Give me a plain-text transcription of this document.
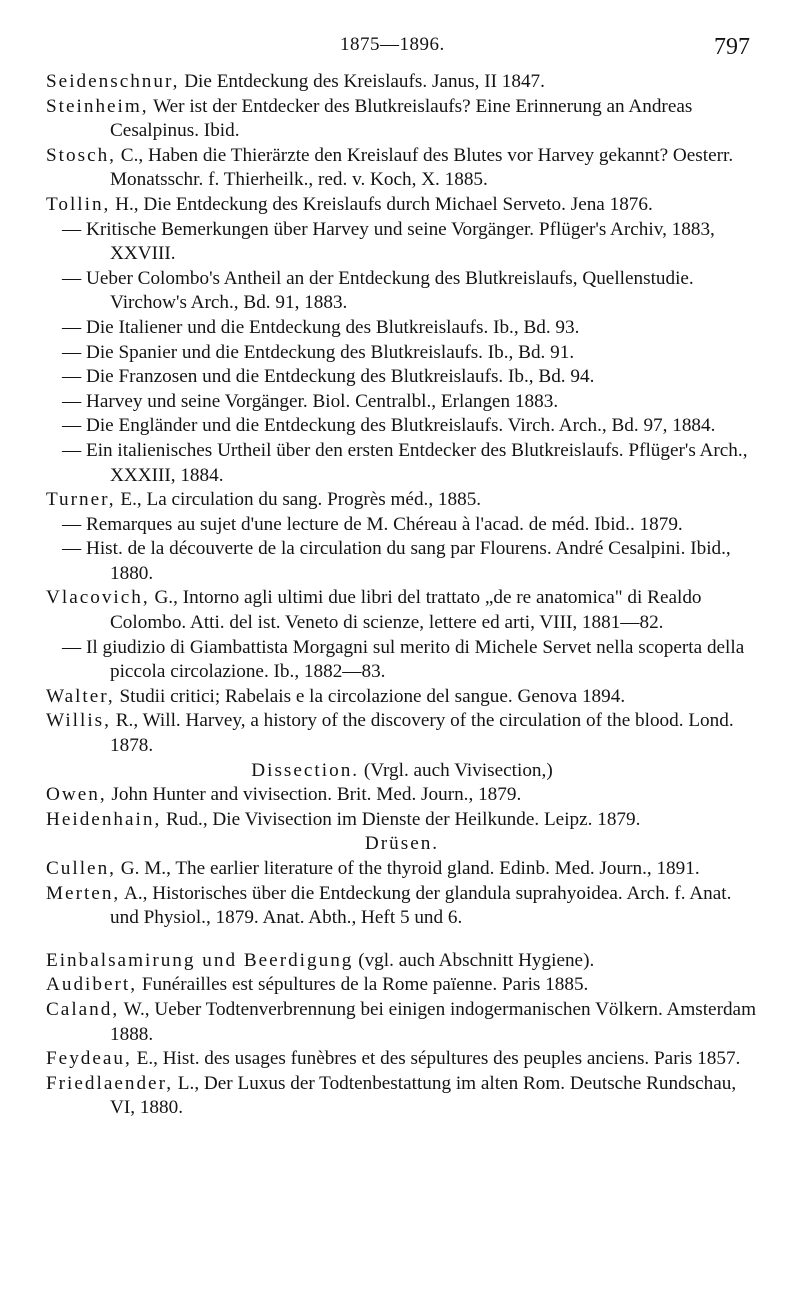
1875—1896.	797
Seidenschnur, Die Entdeckung des Kreislaufs. Janus, II 1847.
Steinheim, Wer ist der Entdecker des Blutkreislaufs? Eine Erinnerung an Andreas Cesalpinus. Ibid.
Stosch, C., Haben die Thierärzte den Kreislauf des Blutes vor Harvey gekannt? Oesterr. Monatsschr. f. Thierheilk., red. v. Koch, X. 1885.
Tollin, H., Die Entdeckung des Kreislaufs durch Michael Serveto. Jena 1876.
— Kritische Bemerkungen über Harvey und seine Vorgänger. Pflüger's Archiv, 1883, XXVIII.
— Ueber Colombo's Antheil an der Entdeckung des Blutkreislaufs, Quellenstudie. Virchow's Arch., Bd. 91, 1883.
— Die Italiener und die Entdeckung des Blutkreislaufs. Ib., Bd. 93.
— Die Spanier und die Entdeckung des Blutkreislaufs. Ib., Bd. 91.
— Die Franzosen und die Entdeckung des Blutkreislaufs. Ib., Bd. 94.
— Harvey und seine Vorgänger. Biol. Centralbl., Erlangen 1883.
— Die Engländer und die Entdeckung des Blutkreislaufs. Virch. Arch., Bd. 97, 1884.
— Ein italienisches Urtheil über den ersten Entdecker des Blutkreislaufs. Pflüger's Arch., XXXIII, 1884.
Turner, E., La circulation du sang. Progrès méd., 1885.
— Remarques au sujet d'une lecture de M. Chéreau à l'acad. de méd. Ibid.. 1879.
— Hist. de la découverte de la circulation du sang par Flourens. André Cesalpini. Ibid., 1880.
Vlacovich, G., Intorno agli ultimi due libri del trattato „de re anatomica" di Realdo Colombo. Atti. del ist. Veneto di scienze, lettere ed arti, VIII, 1881—82.
— Il giudizio di Giambattista Morgagni sul merito di Michele Servet nella scoperta della piccola circolazione. Ib., 1882—83.
Walter, Studii critici; Rabelais e la circolazione del sangue. Genova 1894.
Willis, R., Will. Harvey, a history of the discovery of the circulation of the blood. Lond. 1878.
Dissection. (Vrgl. auch Vivisection,)
Owen, John Hunter and vivisection. Brit. Med. Journ., 1879.
Heidenhain, Rud., Die Vivisection im Dienste der Heilkunde. Leipz. 1879.
Drüsen.
Cullen, G. M., The earlier literature of the thyroid gland. Edinb. Med. Journ., 1891.
Merten, A., Historisches über die Entdeckung der glandula suprahyoidea. Arch. f. Anat. und Physiol., 1879. Anat. Abth., Heft 5 und 6.
Einbalsamirung und Beerdigung (vgl. auch Abschnitt Hygiene).
Audibert, Funérailles est sépultures de la Rome païenne. Paris 1885.
Caland, W., Ueber Todtenverbrennung bei einigen indogermanischen Völkern. Amsterdam 1888.
Feydeau, E., Hist. des usages funèbres et des sépultures des peuples anciens. Paris 1857.
Friedlaender, L., Der Luxus der Todtenbestattung im alten Rom. Deutsche Rundschau, VI, 1880.
